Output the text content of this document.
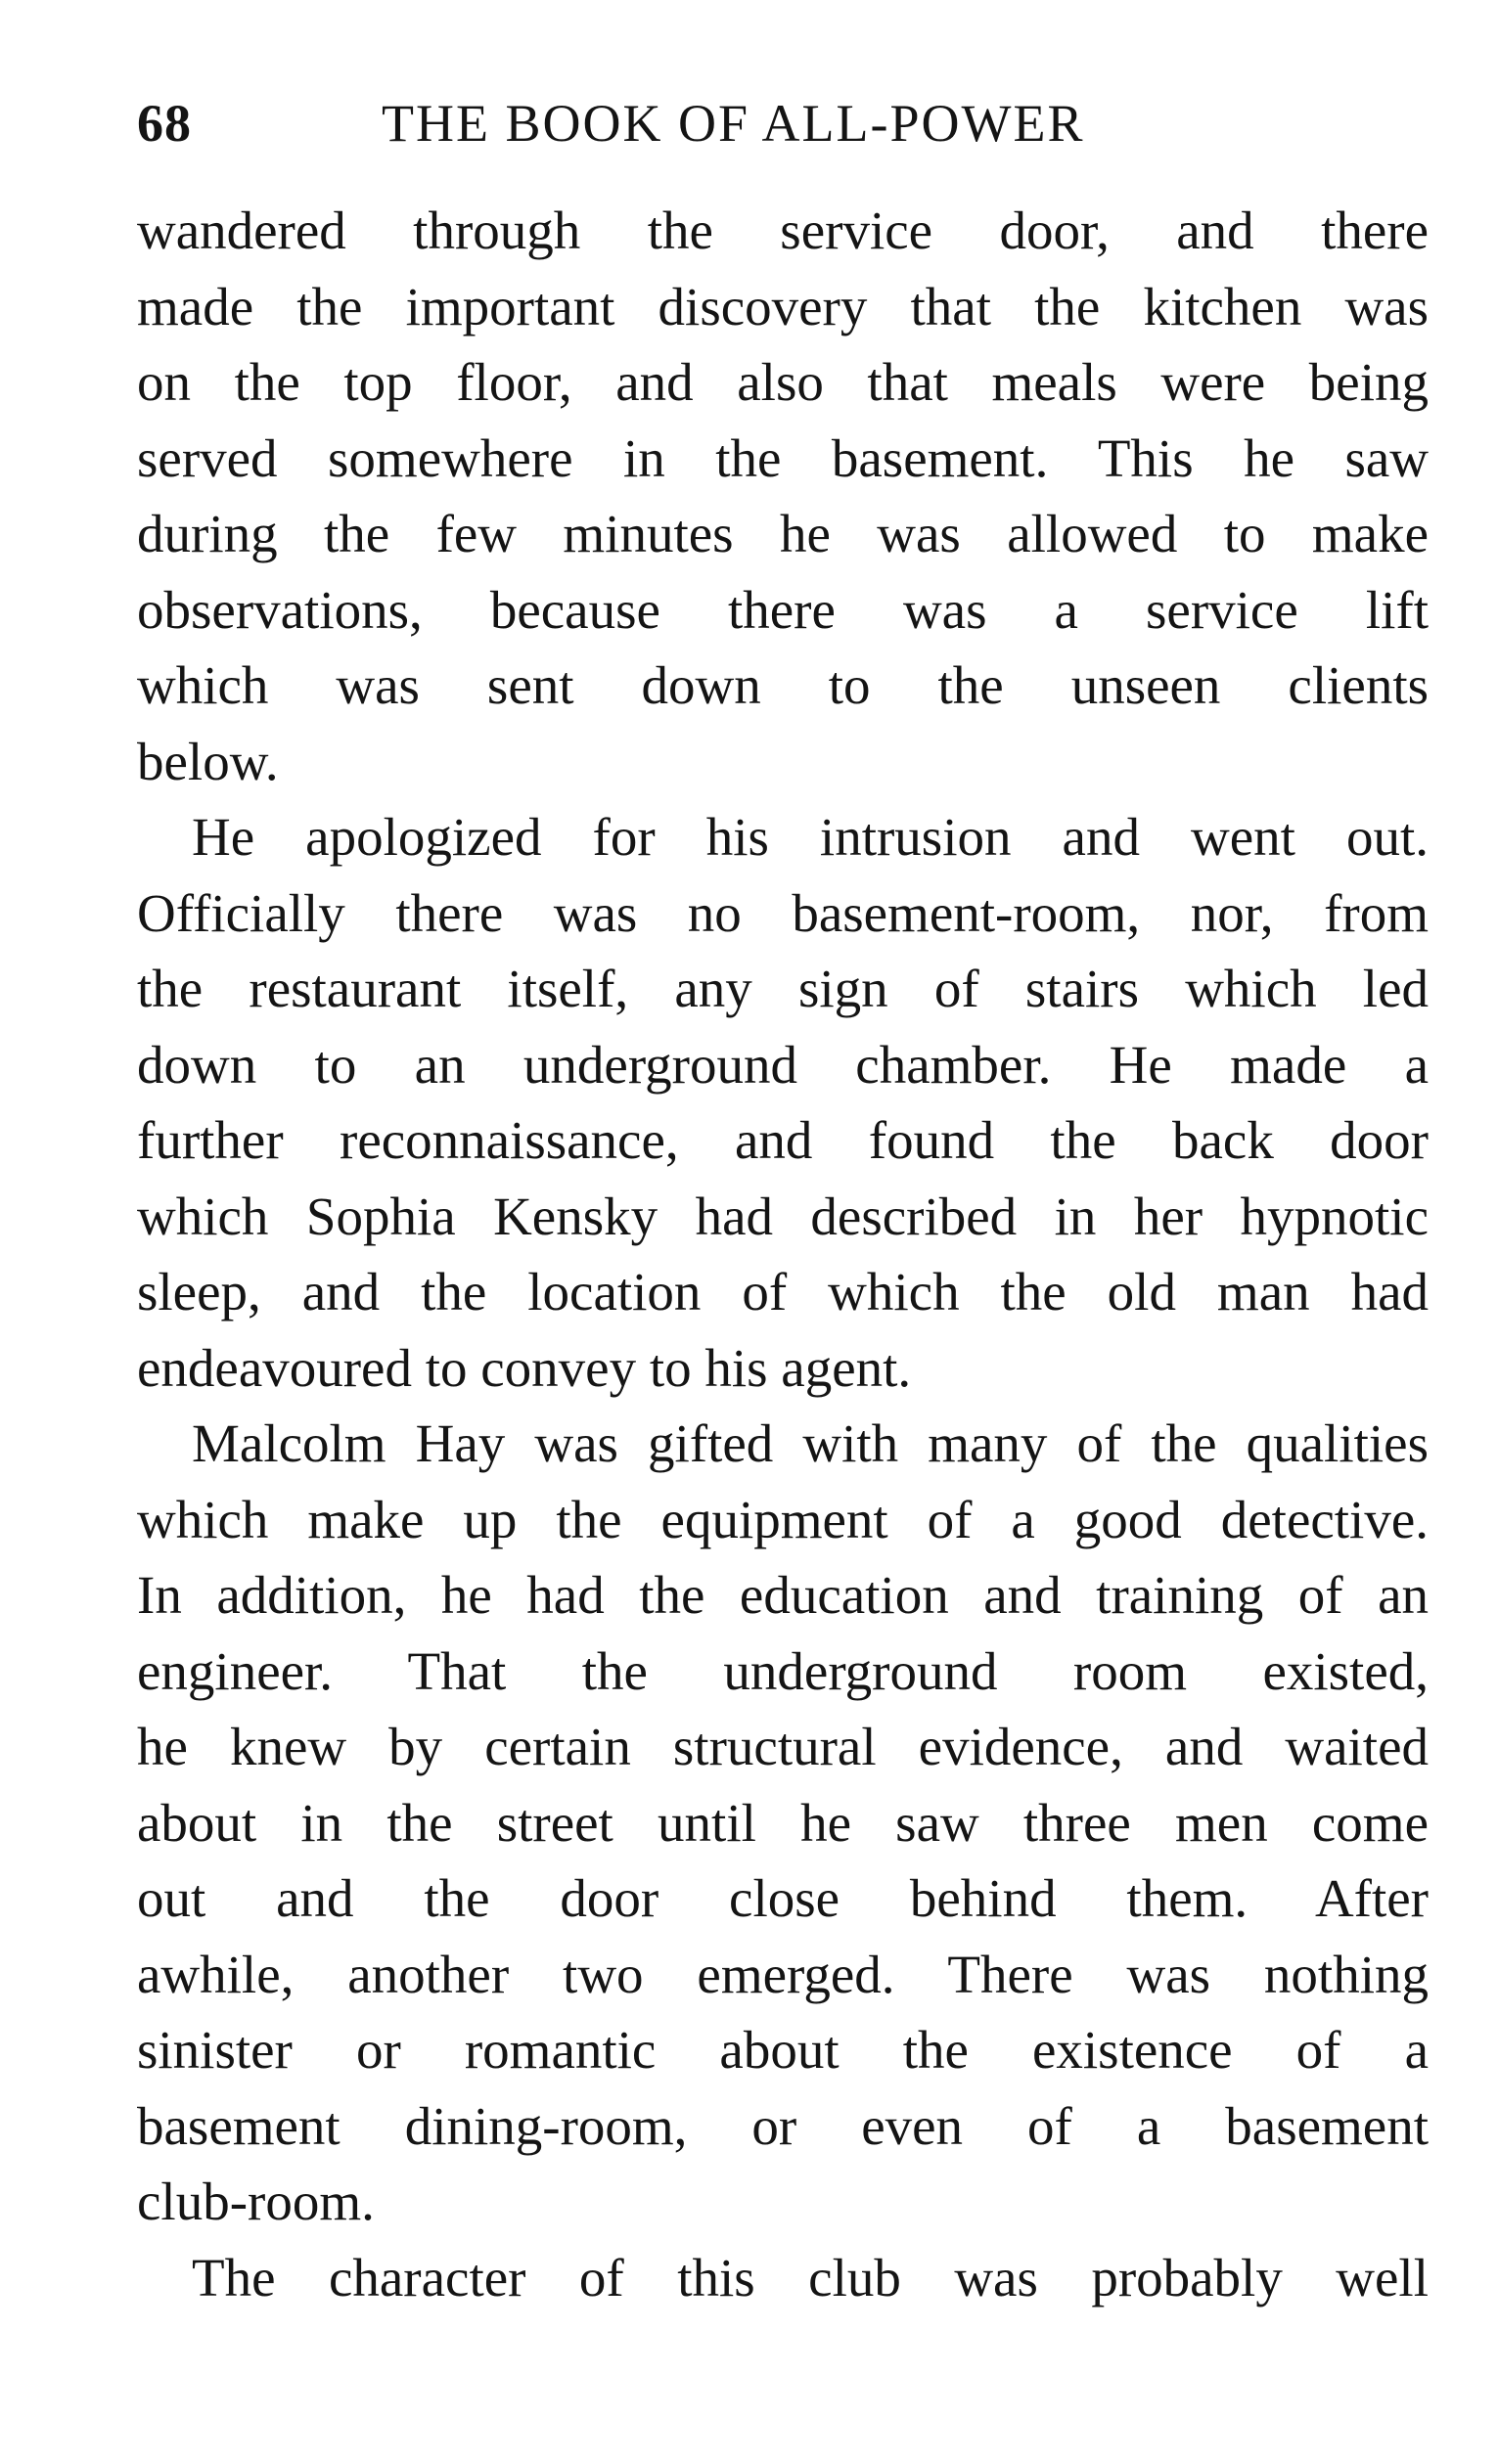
68	THE BOOK OF ALL-POWER
wandered through the service door, and there
made the important discovery that the kitchen was
on the top floor, and also that meals were being
served somewhere in the basement. This he saw
during the few minutes he was allowed to make
observations, because there was a service lift
which was sent down to the unseen clients
below.
He apologized for his intrusion and went out.
Officially there was no basement-room, nor, from
the restaurant itself, any sign of stairs which led
down to an underground chamber. He made a
further reconnaissance, and found the back door
which Sophia Kensky had described in her hypnotic
sleep, and the location of which the old man had
endeavoured to convey to his agent.
Malcolm Hay was gifted with many of the qualities
which make up the equipment of a good detective.
In addition, he had the education and training of an
engineer. That the underground room existed,
he knew by certain structural evidence, and waited
about in the street until he saw three men come
out and the door close behind them. After
awhile, another two emerged. There was nothing
sinister or romantic about the existence of a
basement dining-room, or even of a basement
club-room.
The character of this club was probably well
